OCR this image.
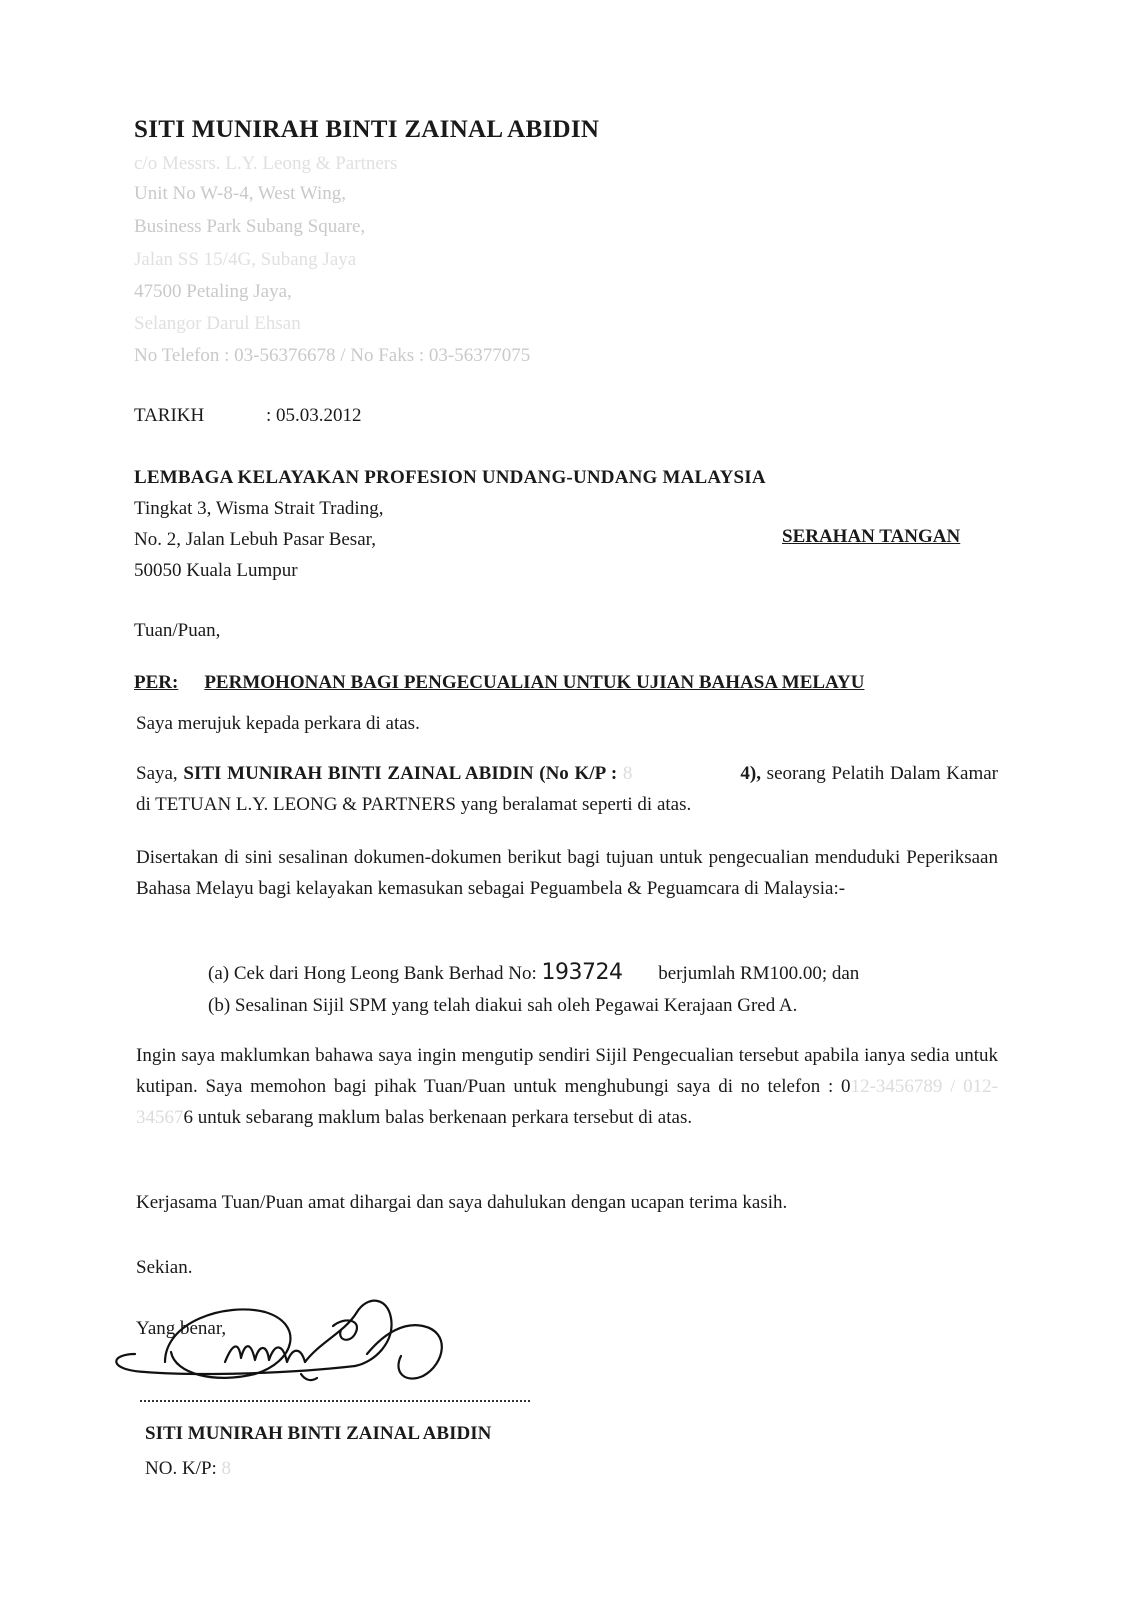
SITI MUNIRAH BINTI ZAINAL ABIDIN
c/o Messrs. L.Y. Leong & Partners
Unit No W-8-4, West Wing,
Business Park Subang Square,
Jalan SS 15/4G, Subang Jaya
47500 Petaling Jaya,
Selangor Darul Ehsan
No Telefon : 03-56376678 / No Faks : 03-56377075
TARIKH	: 05.03.2012
LEMBAGA KELAYAKAN PROFESION UNDANG-UNDANG MALAYSIA
Tingkat 3, Wisma Strait Trading,
No. 2, Jalan Lebuh Pasar Besar,
50050 Kuala Lumpur
SERAHAN TANGAN
Tuan/Puan,
PER: PERMOHONAN BAGI PENGECUALIAN UNTUK UJIAN BAHASA MELAYU
Saya merujuk kepada perkara di atas.
Saya, SITI MUNIRAH BINTI ZAINAL ABIDIN (No K/P : 8	4), seorang Pelatih Dalam Kamar di TETUAN L.Y. LEONG & PARTNERS yang beralamat seperti di atas.
Disertakan di sini sesalinan dokumen-dokumen berikut bagi tujuan untuk pengecualian menduduki Peperiksaan Bahasa Melayu bagi kelayakan kemasukan sebagai Peguambela & Peguamcara di Malaysia:-
(a) Cek dari Hong Leong Bank Berhad No: 193724 berjumlah RM100.00; dan
(b) Sesalinan Sijil SPM yang telah diakui sah oleh Pegawai Kerajaan Gred A.
Ingin saya maklumkan bahawa saya ingin mengutip sendiri Sijil Pengecualian tersebut apabila ianya sedia untuk kutipan. Saya memohon bagi pihak Tuan/Puan untuk menghubungi saya di no telefon : 012-3456789 / 012-345676 untuk sebarang maklum balas berkenaan perkara tersebut di atas.
Kerjasama Tuan/Puan amat dihargai dan saya dahulukan dengan ucapan terima kasih.
Sekian.
Yang benar,
SITI MUNIRAH BINTI ZAINAL ABIDIN
NO. K/P: 8
